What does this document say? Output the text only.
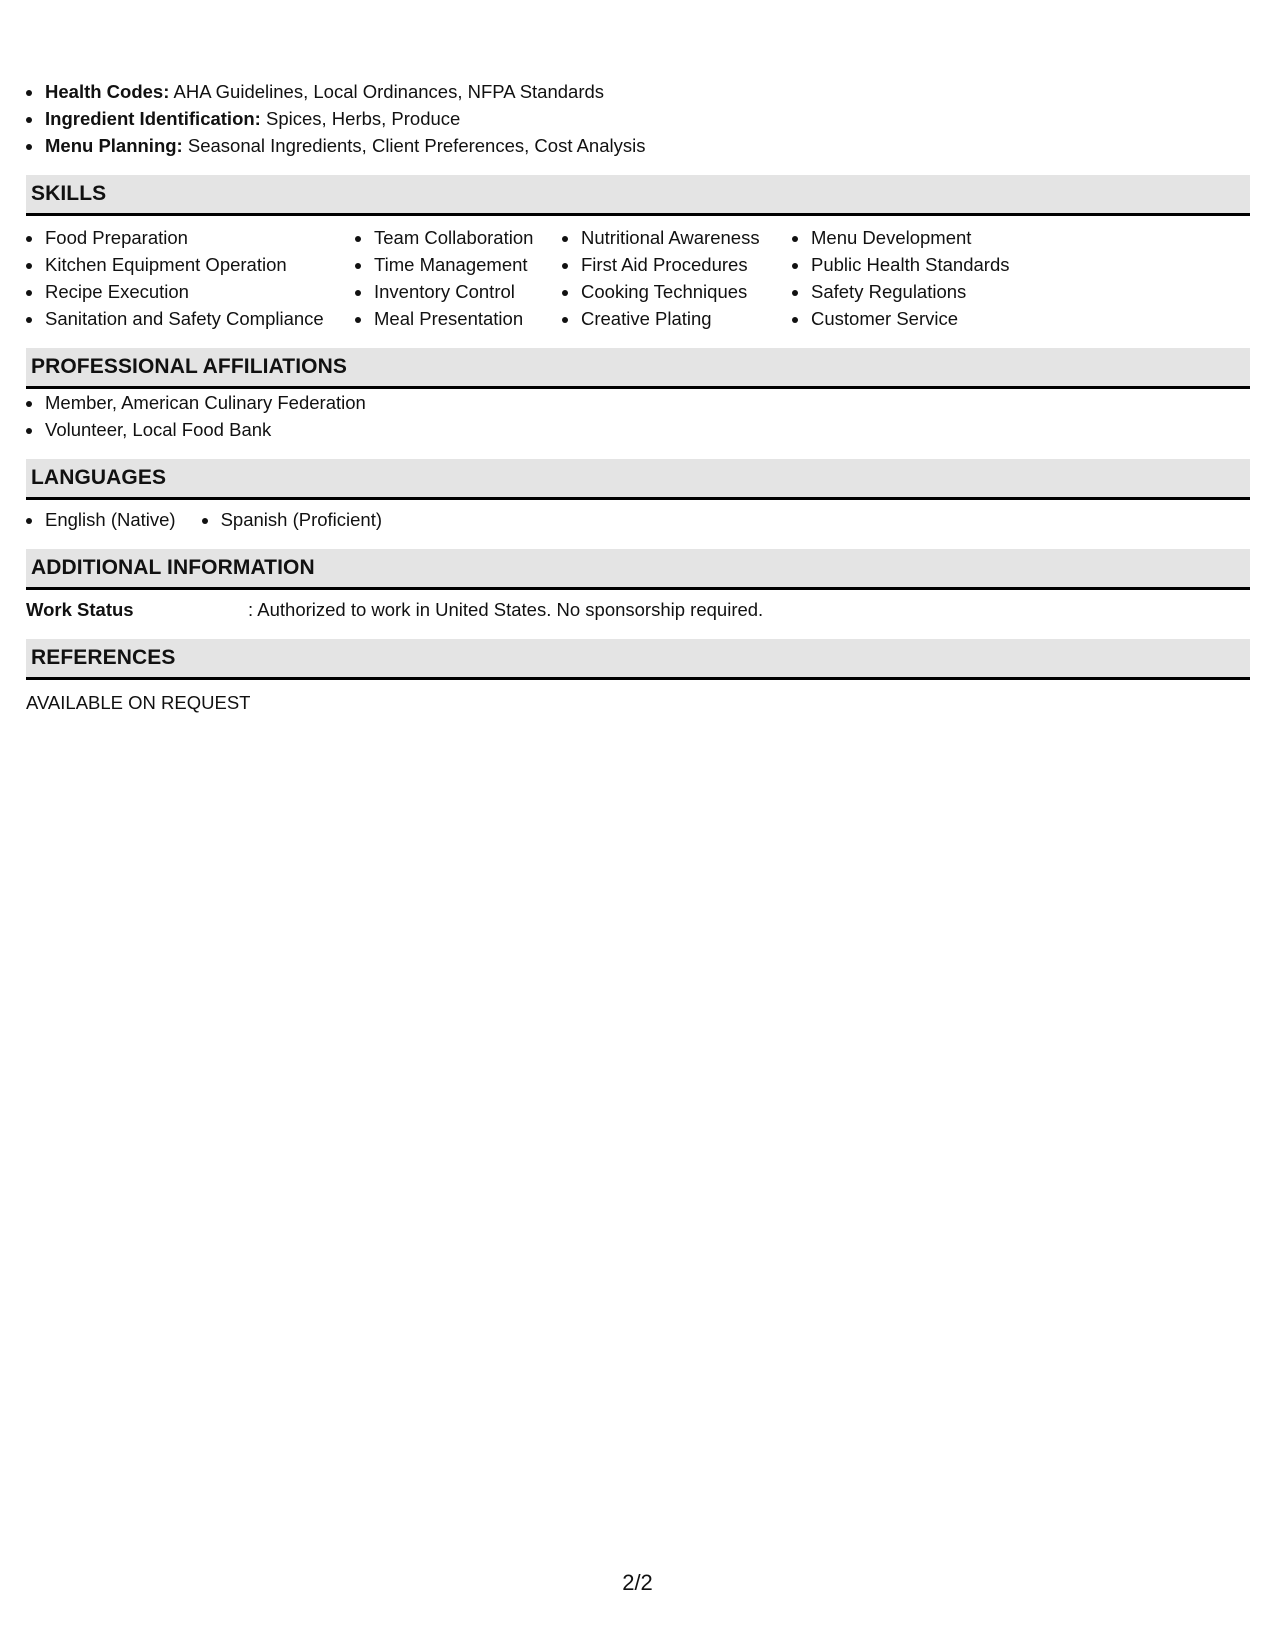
• Health Codes: AHA Guidelines, Local Ordinances, NFPA Standards
• Ingredient Identification: Spices, Herbs, Produce
• Menu Planning: Seasonal Ingredients, Client Preferences, Cost Analysis
SKILLS
• Food Preparation
• Kitchen Equipment Operation
• Recipe Execution
• Sanitation and Safety Compliance
• Team Collaboration
• Time Management
• Inventory Control
• Meal Presentation
• Nutritional Awareness
• First Aid Procedures
• Cooking Techniques
• Creative Plating
• Menu Development
• Public Health Standards
• Safety Regulations
• Customer Service
PROFESSIONAL AFFILIATIONS
• Member, American Culinary Federation
• Volunteer, Local Food Bank
LANGUAGES
• English (Native)
• Spanish (Proficient)
ADDITIONAL INFORMATION
Work Status	: Authorized to work in United States. No sponsorship required.
REFERENCES
AVAILABLE ON REQUEST
2/2
